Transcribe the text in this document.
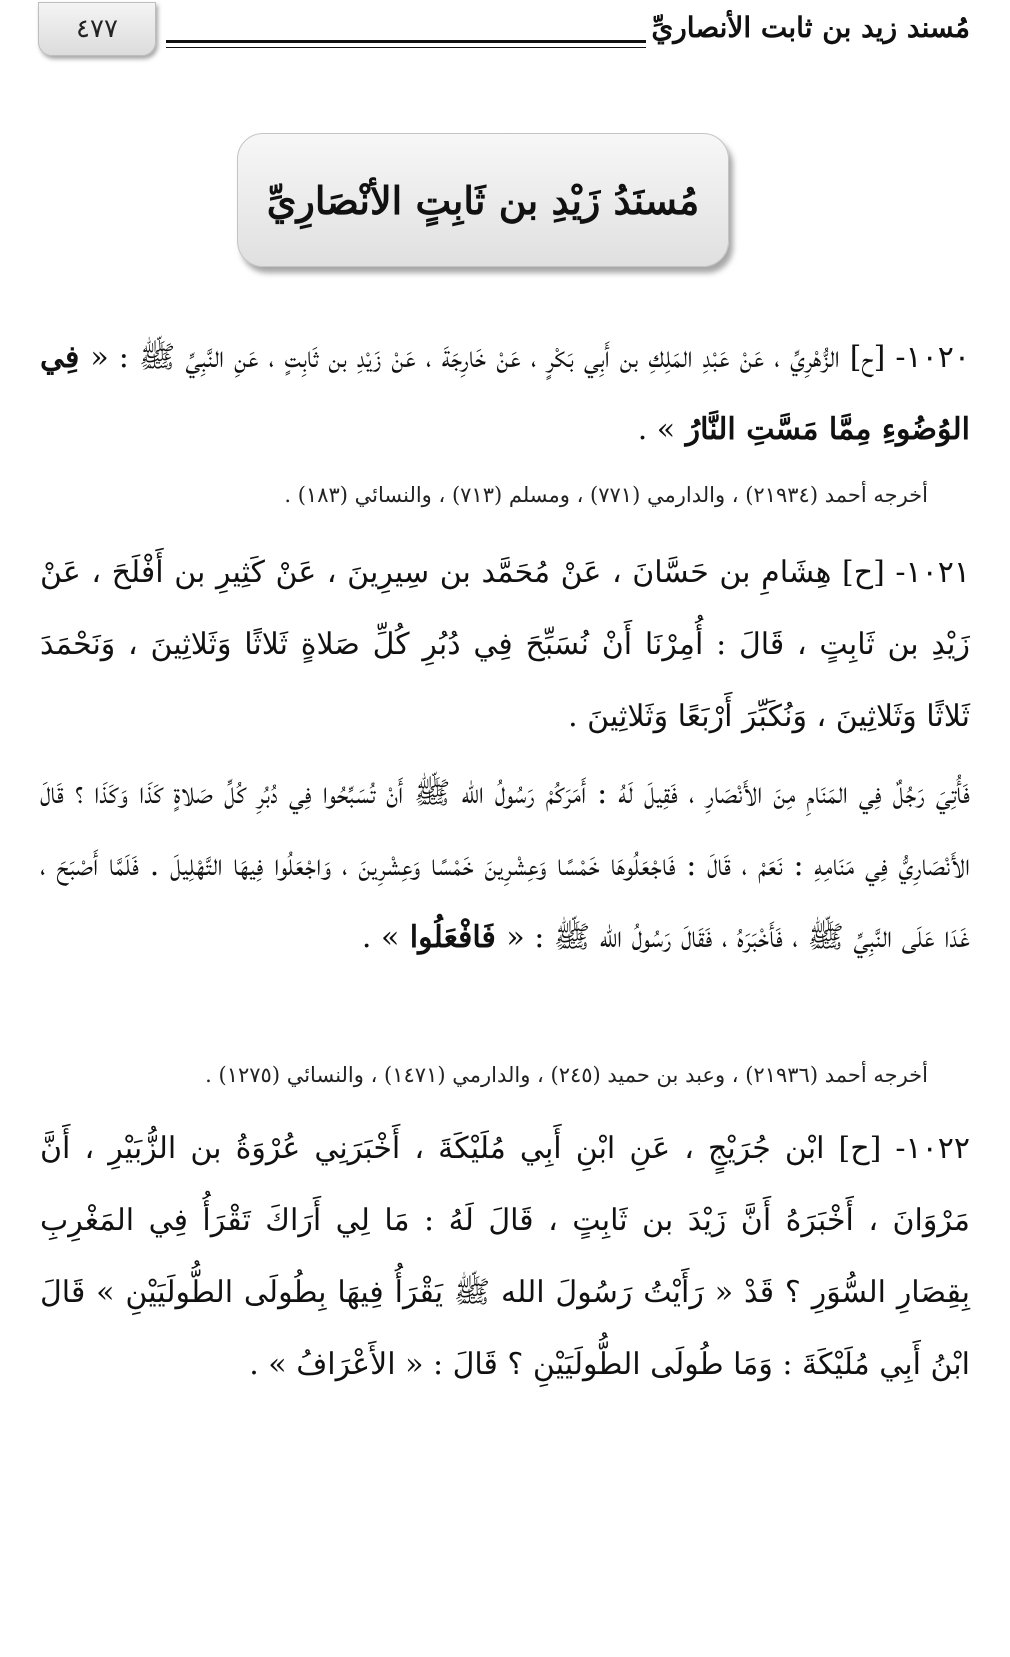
٤٧٧	مُسند زيد بن ثابت الأنصاريِّ
مُسنَدُ زَيْدِ بن ثَابِتٍ الأنْصَارِيِّ
١٠٢٠- [ح] الزُّهْرِيِّ ، عَنْ عَبْدِ المَلِكِ بن أَبِي بَكْرٍ ، عَنْ خَارِجَةَ ، عَنْ زَيْدِ بن ثَابِتٍ ، عَنِ النَّبِيِّ ﷺ : « فِي الوُضُوءِ مِمَّا مَسَّتِ النَّارُ » .
أخرجه أحمد (٢١٩٣٤) ، والدارمي (٧٧١) ، ومسلم (٧١٣) ، والنسائي (١٨٣) .
١٠٢١- [ح] هِشَامِ بن حَسَّانَ ، عَنْ مُحَمَّد بن سِيرِينَ ، عَنْ كَثِيرِ بن أَفْلَحَ ، عَنْ زَيْدِ بن ثَابِتٍ ، قَالَ : أُمِرْنَا أَنْ نُسَبِّحَ فِي دُبُرِ كُلِّ صَلاةٍ ثَلاثًا وَثَلاثِينَ ، وَنَحْمَدَ ثَلاثًا وَثَلاثِينَ ، وَنُكَبِّرَ أَرْبَعًا وَثَلاثِينَ .
فَأُتِيَ رَجُلٌ فِي المَنَامِ مِنَ الأَنْصَارِ ، فَقِيلَ لَهُ : أَمَرَكُمْ رَسُولُ الله ﷺ أَنْ تُسَبِّحُوا فِي دُبُرِ كُلِّ صَلاةٍ كَذَا وَكَذَا ؟ قَالَ الأَنْصَارِيُّ فِي مَنَامِهِ : نَعَمْ ، قَالَ : فَاجْعَلُوهَا خَمْسًا وَعِشْرِينَ خَمْسًا وَعِشْرِينَ ، وَاجْعَلُوا فِيهَا التَّهْلِيلَ . فَلَمَّا أَصْبَحَ ، غَدَا عَلَى النَّبِيِّ ﷺ ، فَأَخْبَرَهُ ، فَقَالَ رَسُولُ الله ﷺ : « فَافْعَلُوا » .
أخرجه أحمد (٢١٩٣٦) ، وعبد بن حميد (٢٤٥) ، والدارمي (١٤٧١) ، والنسائي (١٢٧٥) .
١٠٢٢- [ح] ابْن جُرَيْجٍ ، عَنِ ابْنِ أَبِي مُلَيْكَةَ ، أَخْبَرَنِي عُرْوَةُ بن الزُّبَيْرِ ، أَنَّ مَرْوَانَ ، أَخْبَرَهُ أَنَّ زَيْدَ بن ثَابِتٍ ، قَالَ لَهُ : مَا لِي أَرَاكَ تَقْرَأُ فِي المَغْرِبِ بِقِصَارِ السُّوَرِ ؟ قَدْ « رَأَيْتُ رَسُولَ الله ﷺ يَقْرَأُ فِيهَا بِطُولَى الطُّولَيَيْنِ » قَالَ ابْنُ أَبِي مُلَيْكَةَ : وَمَا طُولَى الطُّولَيَيْنِ ؟ قَالَ : « الأَعْرَافُ » .
